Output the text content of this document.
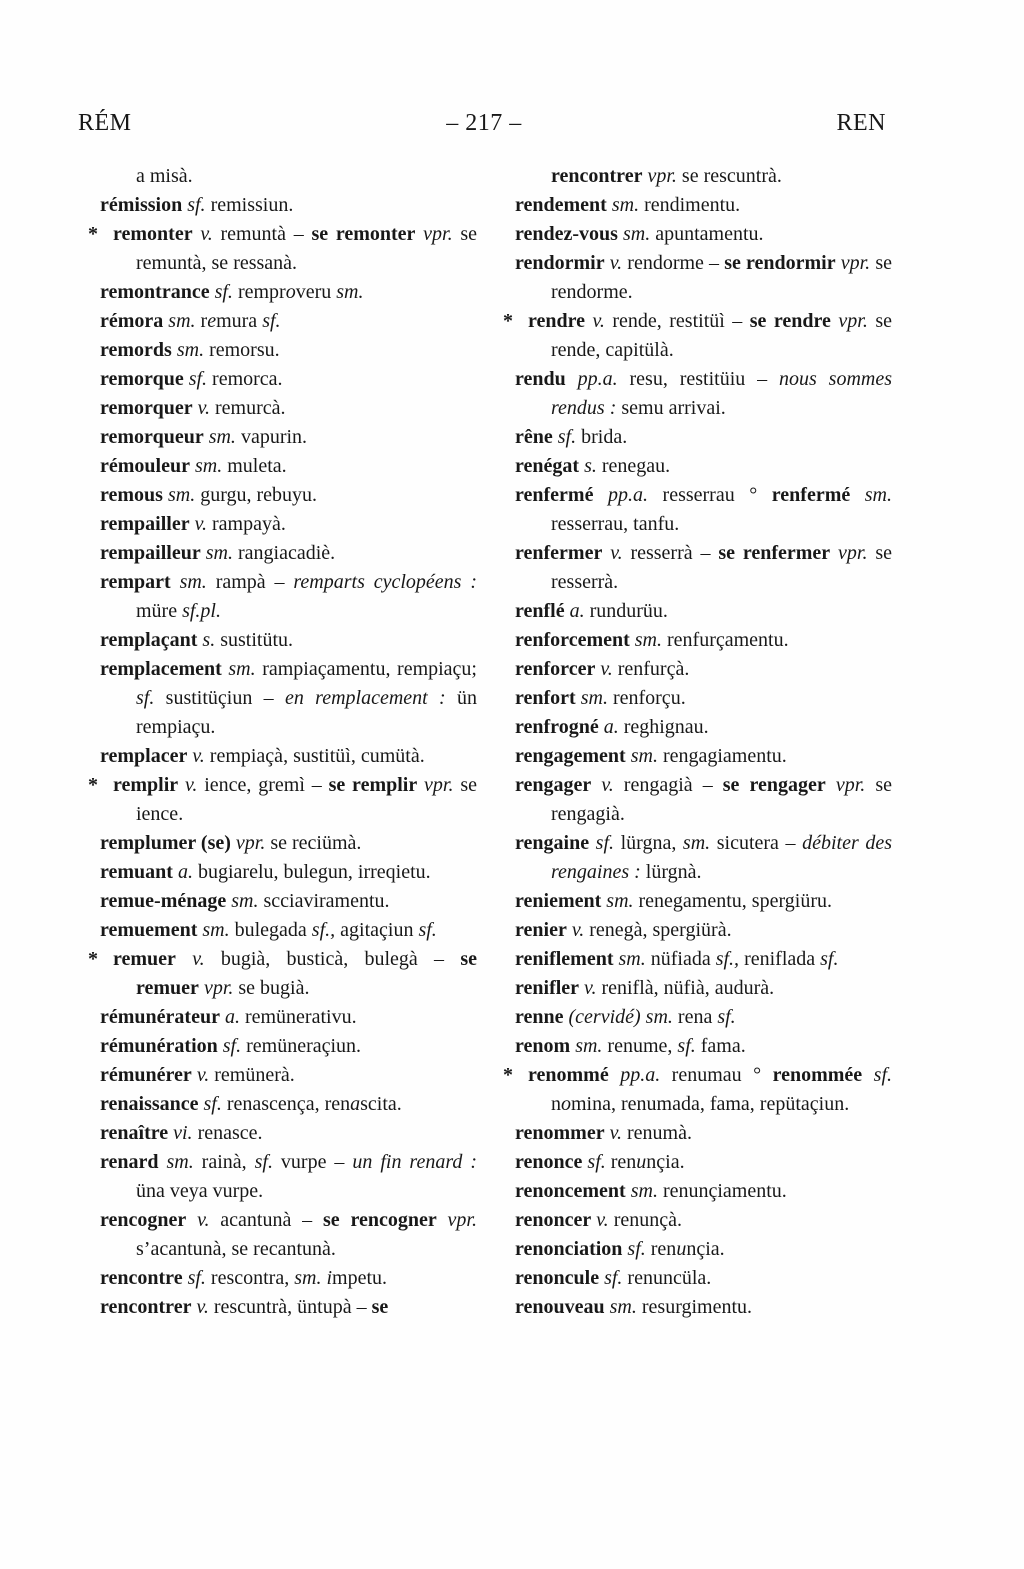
RÉM	– 217 –	REN
a misà.
rémission sf. remissiun.
* remonter v. remuntà – se remonter vpr. se remuntà, se ressanà.
remontrance sf. remproveru sm.
rémora sm. remura sf.
remords sm. remorsu.
remorque sf. remorca.
remorquer v. remurcà.
remorqueur sm. vapurin.
rémouleur sm. muleta.
remous sm. gurgu, rebuyu.
rempailler v. rampayà.
rempailleur sm. rangiacadiè.
rempart sm. rampà – remparts cyclopéens : müre sf.pl.
remplaçant s. sustitütu.
remplacement sm. rampiaçamentu, rempiaçu; sf. sustitüçiun – en remplacement : ün rempiaçu.
remplacer v. rempiaçà, sustitüì, cumütà.
* remplir v. ience, gremì – se remplir vpr. se ience.
remplumer (se) vpr. se reciümà.
remuant a. bugiarelu, bulegun, irreqietu.
remue-ménage sm. scciaviramentu.
remuement sm. bulegada sf., agitaçiun sf.
* remuer v. bugià, busticà, bulegà – se remuer vpr. se bugià.
rémunérateur a. remünerativu.
rémunération sf. remüneraçiun.
rémunérer v. remünerà.
renaissance sf. renascença, renascita.
renaître vi. renasce.
renard sm. rainà, sf. vurpe – un fin renard : üna veya vurpe.
rencogner v. acantunà – se rencogner vpr. s’acantunà, se recantunà.
rencontre sf. rescontra, sm. impetu.
rencontrer v. rescuntrà, üntupà – se
rencontrer vpr. se rescuntrà.
rendement sm. rendimentu.
rendez-vous sm. apuntamentu.
rendormir v. rendorme – se rendormir vpr. se rendorme.
* rendre v. rende, restitüì – se rendre vpr. se rende, capitülà.
rendu pp.a. resu, restitüiu – nous sommes rendus : semu arrivai.
rêne sf. brida.
renégat s. renegau.
renfermé pp.a. resserrau ° renfermé sm. resserrau, tanfu.
renfermer v. resserrà – se renfermer vpr. se resserrà.
renflé a. rundurüu.
renforcement sm. renfurçamentu.
renforcer v. renfurçà.
renfort sm. renforçu.
renfrogné a. reghignau.
rengagement sm. rengagiamentu.
rengager v. rengagià – se rengager vpr. se rengagià.
rengaine sf. lürgna, sm. sicutera – débiter des rengaines : lürgnà.
reniement sm. renegamentu, spergiüru.
renier v. renegà, spergiürà.
reniflement sm. nüfiada sf., reniflada sf.
renifler v. reniflà, nüfià, audurà.
renne (cervidé) sm. rena sf.
renom sm. renume, sf. fama.
* renommé pp.a. renumau ° renommée sf. nomina, renumada, fama, repütaçiun.
renommer v. renumà.
renonce sf. renunçia.
renoncement sm. renunçiamentu.
renoncer v. renunçà.
renonciation sf. renunçia.
renoncule sf. renuncüla.
renouveau sm. resurgimentu.
